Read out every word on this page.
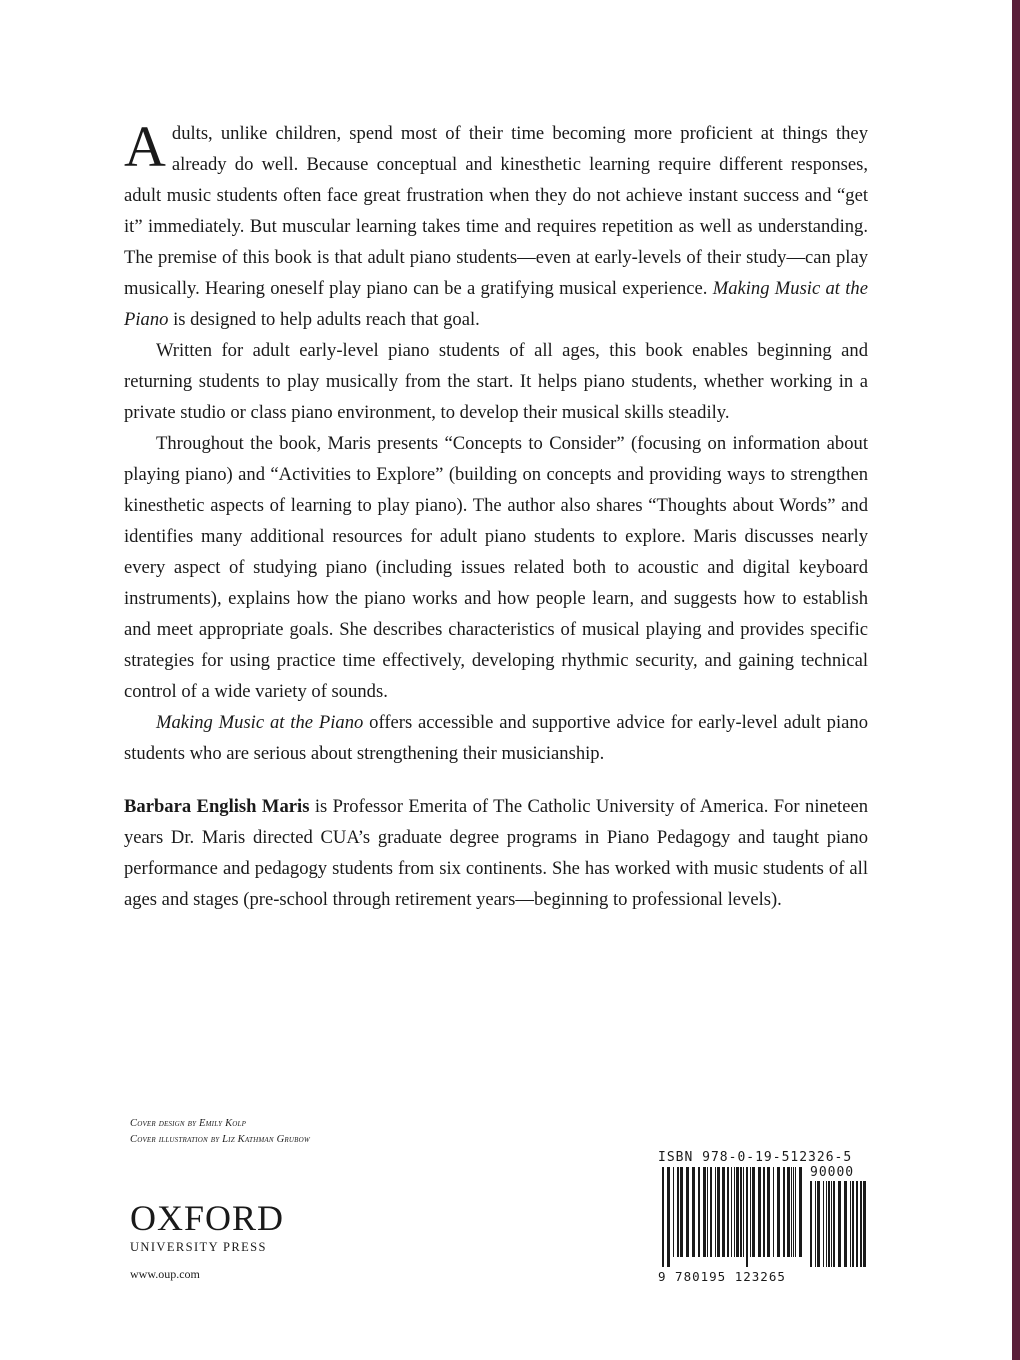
Adults, unlike children, spend most of their time becoming more proficient at things they already do well. Because conceptual and kinesthetic learning require different responses, adult music students often face great frustration when they do not achieve instant success and “get it” immediately. But muscular learning takes time and requires repetition as well as understanding. The premise of this book is that adult piano students—even at early-levels of their study—can play musically. Hearing oneself play piano can be a gratifying musical experience. Making Music at the Piano is designed to help adults reach that goal.

Written for adult early-level piano students of all ages, this book enables beginning and returning students to play musically from the start. It helps piano students, whether working in a private studio or class piano environment, to develop their musical skills steadily.

Throughout the book, Maris presents “Concepts to Consider” (focusing on information about playing piano) and “Activities to Explore” (building on concepts and providing ways to strengthen kinesthetic aspects of learning to play piano). The author also shares “Thoughts about Words” and identifies many additional resources for adult piano students to explore. Maris discusses nearly every aspect of studying piano (including issues related both to acoustic and digital keyboard instruments), explains how the piano works and how people learn, and suggests how to establish and meet appropriate goals. She describes characteristics of musical playing and provides specific strategies for using practice time effectively, developing rhythmic security, and gaining technical control of a wide variety of sounds.

Making Music at the Piano offers accessible and supportive advice for early-level adult piano students who are serious about strengthening their musicianship.

Barbara English Maris is Professor Emerita of The Catholic University of America. For nineteen years Dr. Maris directed CUA’s graduate degree programs in Piano Pedagogy and taught piano performance and pedagogy students from six continents. She has worked with music students of all ages and stages (pre-school through retirement years—beginning to professional levels).

Cover design by Emily Kolp
Cover illustration by Liz Kathman Grubow
OXFORD
UNIVERSITY PRESS
www.oup.com
ISBN 978-0-19-512326-5
90000
9 780195 123265
